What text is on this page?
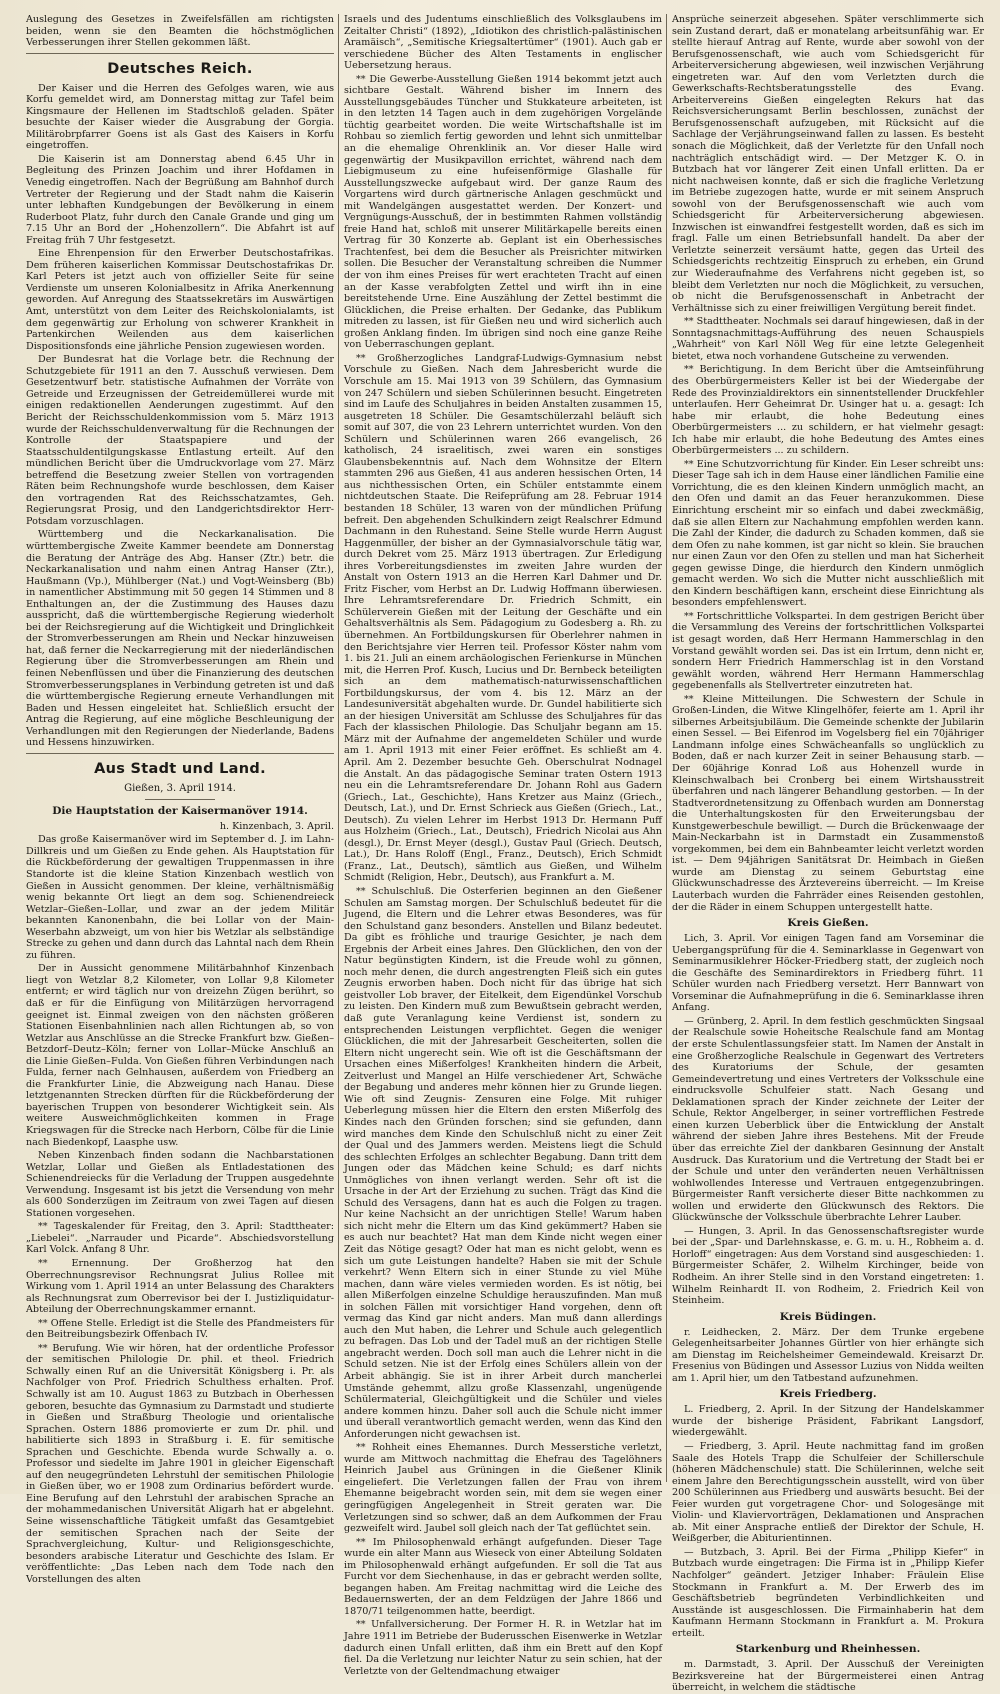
Auslegung des Gesetzes in Zweifelsfällen am richtigsten beiden, wenn sie den Beamten die höchstmöglichen Verbesserungen ihrer Stellen gekommen läßt.

Deutsches Reich.

Der Kaiser und die Herren des Gefolges waren, wie aus Korfu gemeldet wird, am Donnerstag mittag zur Tafel beim Kingsmaure der Hellenen im Stadtschloß geladen. Später besuchte der Kaiser wieder die Ausgrabung der Gorgia. Militärobrpfarrer Goens ist als Gast des Kaisers in Korfu eingetroffen.

Die Kaiserin ist am Donnerstag abend 6.45 Uhr in Begleitung des Prinzen Joachim und ihrer Hofdamen in Venedig eingetroffen. Nach der Begrüßung am Bahnhof durch Vertreter der Regierung und der Stadt nahm die Kaiserin unter lebhaften Kundgebungen der Bevölkerung in einem Ruderboot Platz, fuhr durch den Canale Grande und ging um 7.15 Uhr an Bord der „Hohenzollern“. Die Abfahrt ist auf Freitag früh 7 Uhr festgesetzt.

Eine Ehrenpension für den Erwerber Deutschostafrikas. Dem früheren kaiserlichen Kommissar Deutschostafrikas Dr. Karl Peters ist jetzt auch von offizieller Seite für seine Verdienste um unseren Kolonialbesitz in Afrika Anerkennung geworden. Auf Anregung des Staatssekretärs im Auswärtigen Amt, unterstützt von dem Leiter des Reichskolonialamts, ist dem gegenwärtig zur Erholung von schwerer Krankheit in Partenkirchen Weilenden aus dem kaiserlichen Dispositionsfonds eine jährliche Pension zugewiesen worden.

Der Bundesrat hat die Vorlage betr. die Rechnung der Schutzgebiete für 1911 an den 7. Ausschuß verwiesen. Dem Gesetzentwurf betr. statistische Aufnahmen der Vorräte von Getreide und Erzeugnissen der Getreidemüllerei wurde mit einigen redaktionellen Aenderungen zugestimmt. Auf den Bericht der Reichsschuldenkommission vom 5. März 1913 wurde der Reichsschuldenverwaltung für die Rechnungen der Kontrolle der Staatspapiere und der Staatsschuldentilgungskasse Entlastung erteilt. Auf den mündlichen Bericht über die Umdruckvorlage vom 27. März betreffend die Besetzung zweier Stellen von vortragenden Räten beim Rechnungshofe wurde beschlossen, dem Kaiser den vortragenden Rat des Reichsschatzamtes, Geh. Regierungsrat Prosig, und den Landgerichtsdirektor Herr-Potsdam vorzuschlagen.

Württemberg und die Neckarkanalisation. Die württembergische Zweite Kammer beendete am Donnerstag die Beratung der Anträge des Abg. Hanser (Ztr.) betr. die Neckarkanalisation und nahm einen Antrag Hanser (Ztr.), Haußmann (Vp.), Mühlberger (Nat.) und Vogt-Weinsberg (Bb) in namentlicher Abstimmung mit 50 gegen 14 Stimmen und 8 Enthaltungen an, der die Zustimmung des Hauses dazu ausspricht, daß die württembergische Regierung wiederholt bei der Reichsregierung auf die Wichtigkeit und Dringlichkeit der Stromverbesserungen am Rhein und Neckar hinzuweisen hat, daß ferner die Neckarregierung mit der niederländischen Regierung über die Stromverbesserungen am Rhein und feinen Nebenflüssen und über die Finanzierung des deutschen Stromverbesserungsplanes in Verbindung getreten ist und daß die württembergische Regierung erneute Verhandlungen mit Baden und Hessen eingeleitet hat. Schließlich ersucht der Antrag die Regierung, auf eine mögliche Beschleunigung der Verhandlungen mit den Regierungen der Niederlande, Badens und Hessens hinzuwirken.

Aus Stadt und Land.
Gießen, 3. April 1914.
Die Hauptstation der Kaisermanöver 1914.
h. Kinzenbach, 3. April.

Das große Kaisermanöver wird im September d. J. im Lahn-Dillkreis und um Gießen zu Ende gehen. Als Hauptstation für die Rückbeförderung der gewaltigen Truppenmassen in ihre Standorte ist die kleine Station Kinzenbach westlich von Gießen in Aussicht genommen. Der kleine, verhältnismäßig wenig bekannte Ort liegt an dem sog. Schienendreieck Wetzlar–Gießen–Lollar, und zwar an der jedem Militär bekannten Kanonenbahn, die bei Lollar von der Main-Weserbahn abzweigt, um von hier bis Wetzlar als selbständige Strecke zu gehen und dann durch das Lahntal nach dem Rhein zu führen.

Der in Aussicht genommene Militärbahnhof Kinzenbach liegt von Wetzlar 8,2 Kilometer, von Lollar 9,8 Kilometer entfernt; er wird täglich nur von dreizehn Zügen berührt, so daß er für die Einfügung von Militärzügen hervorragend geeignet ist. Einmal zweigen von den nächsten größeren Stationen Eisenbahnlinien nach allen Richtungen ab, so von Wetzlar aus Anschlüsse an die Strecke Frankfurt bzw. Gießen–Betzdorf–Deutz–Köln; ferner von Lollar–Mücke Anschluß an die Linie Gießen–Fulda. Von Gießen führen Verbindungen nach Fulda, ferner nach Gelnhausen, außerdem von Friedberg an die Frankfurter Linie, die Abzweigung nach Hanau. Diese letztgenannten Strecken dürften für die Rückbeförderung der bayerischen Truppen von besonderer Wichtigkeit sein. Als weitere Ausweichmöglichkeiten kommen in Frage Kriegswagen für die Strecke nach Herborn, Cölbe für die Linie nach Biedenkopf, Laasphe usw.

Neben Kinzenbach finden sodann die Nachbarstationen Wetzlar, Lollar und Gießen als Entladestationen des Schienendreiecks für die Verladung der Truppen ausgedehnte Verwendung. Insgesamt ist bis jetzt die Versendung von mehr als 600 Sonderzügen im Zeitraum von zwei Tagen auf diesen Stationen vorgesehen.

** Tageskalender für Freitag, den 3. April: Stadttheater: „Liebelei“. „Narrauder und Picarde“. Abschiedsvorstellung Karl Volck. Anfang 8 Uhr.

** Ernennung. Der Großherzog hat den Oberrechnungsrevisor Rechnungsrat Julius Rollee mit Wirkung vom 1. April 1914 an unter Belassung des Charakters als Rechnungsrat zum Oberrevisor bei der I. Justizliquidatur-Abteilung der Oberrechnungskammer ernannt.

** Offene Stelle. Erledigt ist die Stelle des Pfandmeisters für den Beitreibungsbezirk Offenbach IV.

** Berufung. Wie wir hören, hat der ordentliche Professor der semitischen Philologie Dr. phil. et theol. Friedrich Schwally einen Ruf an die Universität Königsberg i. Pr. als Nachfolger von Prof. Friedrich Schulthess erhalten. Prof. Schwally ist am 10. August 1863 zu Butzbach in Oberhessen geboren, besuchte das Gymnasium zu Darmstadt und studierte in Gießen und Straßburg Theologie und orientalische Sprachen. Ostern 1886 promovierte er zum Dr. phil. und habilitierte sich 1893 in Straßburg i. E. für semitische Sprachen und Geschichte. Ebenda wurde Schwally a. o. Professor und siedelte im Jahre 1901 in gleicher Eigenschaft auf den neugegründeten Lehrstuhl der semitischen Philologie in Gießen über, wo er 1908 zum Ordinarius befördert wurde. Eine Berufung auf den Lehrstuhl der arabischen Sprache an der mohammedanischen Universität Aligarh hat er abgelehnt. Seine wissenschaftliche Tätigkeit umfaßt das Gesamtgebiet der semitischen Sprachen nach der Seite der Sprachvergleichung, Kultur- und Religionsgeschichte, besonders arabische Literatur und Geschichte des Islam. Er veröffentlichte: „Das Leben nach dem Tode nach den Vorstellungen des alten

Israels und des Judentums einschließlich des Volksglaubens im Zeitalter Christi“ (1892), „Idiotikon des christlich-palästinischen Aramäisch“, „Semitische Kriegsaltertümer“ (1901). Auch gab er verschiedene Bücher des Alten Testaments in englischer Uebersetzung heraus.

** Die Gewerbe-Ausstellung Gießen 1914 bekommt jetzt auch sichtbare Gestalt. Während bisher im Innern des Ausstellungsgebäudes Tüncher und Stukkateure arbeiteten, ist in den letzten 14 Tagen auch in dem zugehörigen Vorgelände tüchtig gearbeitet worden. Die weite Wirtschaftshalle ist im Rohbau so ziemlich fertig geworden und lehnt sich unmittelbar an die ehemalige Ohrenklinik an. Vor dieser Halle wird gegenwärtig der Musikpavillon errichtet, während nach dem Liebigmuseum zu eine hufeisenförmige Glashalle für Ausstellungszwecke aufgebaut wird. Der ganze Raum des Vorgartens wird durch gärtnerische Anlagen geschmückt und mit Wandelgängen ausgestattet werden. Der Konzert- und Vergnügungs-Ausschuß, der in bestimmten Rahmen vollständig freie Hand hat, schloß mit unserer Militärkapelle bereits einen Vertrag für 30 Konzerte ab. Geplant ist ein Oberhessisches Trachtenfest, bei dem die Besucher als Preisrichter mitwirken sollen. Die Besucher der Veranstaltung schreiben die Nummer der von ihm eines Preises für wert erachteten Tracht auf einen an der Kasse verabfolgten Zettel und wirft ihn in eine bereitstehende Urne. Eine Auszählung der Zettel bestimmt die Glücklichen, die Preise erhalten. Der Gedanke, das Publikum mitreden zu lassen, ist für Gießen neu und wird sicherlich auch großen Anklang finden. Im übrigen sind noch eine ganze Reihe von Ueberraschungen geplant.

** Großherzogliches Landgraf-Ludwigs-Gymnasium nebst Vorschule zu Gießen. Nach dem Jahresbericht wurde die Vorschule am 15. Mai 1913 von 39 Schülern, das Gymnasium von 247 Schülern und sieben Schülerinnen besucht. Eingetreten sind im Laufe des Schuljahres in beiden Anstalten zusammen 15, ausgetreten 18 Schüler. Die Gesamtschülerzahl beläuft sich somit auf 307, die von 23 Lehrern unterrichtet wurden. Von den Schülern und Schülerinnen waren 266 evangelisch, 26 katholisch, 24 israelitisch, zwei waren ein sonstiges Glaubensbekenntnis auf. Nach dem Wohnsitze der Eltern stammten 296 aus Gießen, 41 aus anderen hessischen Orten, 14 aus nichthessischen Orten, ein Schüler entstammte einem nichtdeutschen Staate. Die Reifeprüfung am 28. Februar 1914 bestanden 18 Schüler, 13 waren von der mündlichen Prüfung befreit. Den abgehenden Schulkindern zeigt Realschrer Edmund Dachmann in den Ruhestand. Seine Stelle wurde Herrn August Haggenmüller, der bisher an der Gymnasialvorschule tätig war, durch Dekret vom 25. März 1913 übertragen. Zur Erledigung ihres Vorbereitungsdienstes im zweiten Jahre wurden der Anstalt von Ostern 1913 an die Herren Karl Dahmer und Dr. Fritz Fischer, vom Herbst an Dr. Ludwig Hoffmann überwiesen. Ihre Lehramtsreferendare Dr. Friedrich Schmitt, ein Schülerverein Gießen mit der Leitung der Geschäfte und ein Gehaltsverhältnis als Sem. Pädagogium zu Godesberg a. Rh. zu übernehmen. An Fortbildungskursen für Oberlehrer nahmen in den Berichtsjahre vier Herren teil. Professor Köster nahm vom 1. bis 21. Juli an einem archäologischen Ferienkurse in München mit, die Herren Prof. Kusch, Lucius und Dr. Bernbeck beteiligten sich an dem mathematisch-naturwissenschaftlichen Fortbildungskursus, der vom 4. bis 12. März an der Landesuniversität abgehalten wurde. Dr. Gundel habilitierte sich an der hiesigen Universität am Schlusse des Schuljahres für das Fach der klassischen Philologie. Das Schuljahr begann am 15. März mit der Aufnahme der angemeldeten Schüler und wurde am 1. April 1913 mit einer Feier eröffnet. Es schließt am 4. April. Am 2. Dezember besuchte Geh. Oberschulrat Nodnagel die Anstalt. An das pädagogische Seminar traten Ostern 1913 neu ein die Lehramtsreferendare Dr. Johann Rohl aus Gadern (Griech., Lat., Geschichte), Hans Kretzer aus Mainz (Griech., Deutsch, Lat.), und Dr. Ernst Schrieck aus Gießen (Griech., Lat., Deutsch). Zu vielen Lehrer im Herbst 1913 Dr. Hermann Puff aus Holzheim (Griech., Lat., Deutsch), Friedrich Nicolai aus Ahn (desgl.), Dr. Ernst Meyer (desgl.), Gustav Paul (Griech. Deutsch, Lat.), Dr. Hans Roloff (Engl., Franz., Deutsch), Erich Schmidt (Franz., Lat., Deutsch), sämtlich aus Gießen, und Wilhelm Schmidt (Religion, Hebr., Deutsch), aus Frankfurt a. M.

** Schulschluß. Die Osterferien beginnen an den Gießener Schulen am Samstag morgen. Der Schulschluß bedeutet für die Jugend, die Eltern und die Lehrer etwas Besonderes, was für den Schulstand ganz besonders. Anstellen und Bilanz bedeutet. Da gibt es fröhliche und traurige Gesichter, je nach dem Ergebnis der Arbeit eines Jahres. Den Glücklichen, den von der Natur begünstigten Kindern, ist die Freude wohl zu gönnen, noch mehr denen, die durch angestrengten Fleiß sich ein gutes Zeugnis erworben haben. Doch nicht für das übrige hat sich geistvoller Lob braver, der Eitelkeit, dem Eigendünkel Vorschub zu leisten. Den Kindern muß zum Bewußtsein gebracht werden, daß gute Veranlagung keine Verdienst ist, sondern zu entsprechenden Leistungen verpflichtet. Gegen die weniger Glücklichen, die mit der Jahresarbeit Gescheiterten, sollen die Eltern nicht ungerecht sein. Wie oft ist die Geschäftsmann der Ursachen eines Mißerfolges! Krankheiten hindern die Arbeit, Zeitverlust und Mangel an Hilfe verschiedener Art, Schwäche der Begabung und anderes mehr können hier zu Grunde liegen. Wie oft sind Zeugnis- Zensuren eine Folge. Mit ruhiger Ueberlegung müssen hier die Eltern den ersten Mißerfolg des Kindes nach den Gründen forschen; sind sie gefunden, dann wird manches dem Kinde den Schulschluß nicht zu einer Zeit der Qual und des Jammers werden. Meistens liegt die Schuld des schlechten Erfolges an schlechter Begabung. Dann tritt dem Jungen oder das Mädchen keine Schuld; es darf nichts Unmögliches von ihnen verlangt werden. Sehr oft ist die Ursache in der Art der Erziehung zu suchen. Trägt das Kind die Schuld des Versagens, dann hat es auch die Folgen zu tragen. Nur keine Nachsicht an der unrichtigen Stelle! Warum haben sich nicht mehr die Eltern um das Kind gekümmert? Haben sie es auch nur beachtet? Hat man dem Kinde nicht wegen einer Zeit das Nötige gesagt? Oder hat man es nicht gelobt, wenn es sich um gute Leistungen handelte? Haben sie mit der Schule verkehrt? Wenn Eltern sich in einer Stunde zu viel Mühe machen, dann wäre vieles vermieden worden. Es ist nötig, bei allen Mißerfolgen einzelne Schuldige herauszufinden. Man muß in solchen Fällen mit vorsichtiger Hand vorgehen, denn oft vermag das Kind gar nicht anders. Man muß dann allerdings auch den Mut haben, die Lehrer und Schule auch gelegentlich zu befragen. Das Lob und der Tadel muß an der richtigen Stelle angebracht werden. Doch soll man auch die Lehrer nicht in die Schuld setzen. Nie ist der Erfolg eines Schülers allein von der Arbeit abhängig. Sie ist in ihrer Arbeit durch mancherlei Umstände gehemmt, allzu große Klassenzahl, ungenügende Schülermaterial, Gleichgültigkeit und die Schüler und vieles andere kommen hinzu. Daher soll auch die Schule nicht immer und überall verantwortlich gemacht werden, wenn das Kind den Anforderungen nicht gewachsen ist.

** Rohheit eines Ehemannes. Durch Messerstiche verletzt, wurde am Mittwoch nachmittag die Ehefrau des Tagelöhners Heinrich Jaubel aus Grüningen in die Gießener Klinik eingeliefert. Die Verletzungen fallen der Frau von ihrem Ehemanne beigebracht worden sein, mit dem sie wegen einer geringfügigen Angelegenheit in Streit geraten war. Die Verletzungen sind so schwer, daß an dem Aufkommen der Frau gezweifelt wird. Jaubel soll gleich nach der Tat geflüchtet sein.

** Im Philosophenwald erhängt aufgefunden. Dieser Tage wurde ein alter Mann aus Wieseck von einer Abteilung Soldaten im Philosophenwald erhängt aufgefunden. Er soll die Tat aus Furcht vor dem Siechenhause, in das er gebracht werden sollte, begangen haben. Am Freitag nachmittag wird die Leiche des Bedauernswerten, der an dem Feldzügen der Jahre 1866 und 1870/71 teilgenommen hatte, beerdigt.

** Unfallversicherung. Der Former H. R. in Wetzlar hat im Jahre 1911 im Betriebe der Buderusschen Eisenwerke in Wetzlar dadurch einen Unfall erlitten, daß ihm ein Brett auf den Kopf fiel. Da die Verletzung nur leichter Natur zu sein schien, hat der Verletzte von der Geltendmachung etwaiger

Ansprüche seinerzeit abgesehen. Später verschlimmerte sich sein Zustand derart, daß er monatelang arbeitsunfähig war. Er stellte hierauf Antrag auf Rente, wurde aber sowohl von der Berufsgenossenschaft, wie auch vom Schiedsgericht für Arbeiterversicherung abgewiesen, weil inzwischen Verjährung eingetreten war. Auf den vom Verletzten durch die Gewerkschafts-Rechtsberatungsstelle des Evang. Arbeitervereins Gießen eingelegten Rekurs hat das Reichsversicherungsamt Berlin beschlossen, zunächst der Berufsgenossenschaft aufzugeben, mit Rücksicht auf die Sachlage der Verjährungseinwand fallen zu lassen. Es besteht sonach die Möglichkeit, daß der Verletzte für den Unfall noch nachträglich entschädigt wird. — Der Metzger K. O. in Butzbach hat vor längerer Zeit einen Unfall erlitten. Da er nicht nachweisen konnte, daß er sich die fragliche Verletzung im Betriebe zugezogen hatte, wurde er mit seinem Anspruch sowohl von der Berufsgenossenschaft wie auch vom Schiedsgericht für Arbeiterversicherung abgewiesen. Inzwischen ist einwandfrei festgestellt worden, daß es sich im fragl. Falle um einen Betriebsunfall handelt. Da aber der Verletzte seinerzeit versäumt hatte, gegen das Urteil des Schiedsgerichts rechtzeitig Einspruch zu erheben, ein Grund zur Wiederaufnahme des Verfahrens nicht gegeben ist, so bleibt dem Verletzten nur noch die Möglichkeit, zu versuchen, ob nicht die Berufsgenossenschaft in Anbetracht der Verhältnisse sich zu einer freiwilligen Vergütung bereit findet.

** Stadttheater. Nochmals sei darauf hingewiesen, daß in der Sonntagsnachmittags-Aufführung des neuen Schauspiels „Wahrheit“ von Karl Nöll Weg für eine letzte Gelegenheit bietet, etwa noch vorhandene Gutscheine zu verwenden.

** Berichtigung. In dem Bericht über die Amtseinführung des Oberbürgermeisters Keller ist bei der Wiedergabe der Rede des Provinzialdirektors ein sinnentstellender Druckfehler unterlaufen. Herr Geheimrat Dr. Usinger hat u. a. gesagt: Ich habe mir erlaubt, die hohe Bedeutung eines Oberbürgermeisters ... zu schildern, er hat vielmehr gesagt: Ich habe mir erlaubt, die hohe Bedeutung des Amtes eines Oberbürgermeisters ... zu schildern.

** Eine Schutzvorrichtung für Kinder. Ein Leser schreibt uns: Dieser Tage sah ich in dem Hause einer ländlichen Familie eine Vorrichtung, die es den kleinen Kindern unmöglich macht, an den Ofen und damit an das Feuer heranzukommen. Diese Einrichtung erscheint mir so einfach und dabei zweckmäßig, daß sie allen Eltern zur Nachahmung empfohlen werden kann. Die Zahl der Kinder, die dadurch zu Schaden kommen, daß sie dem Ofen zu nahe kommen, ist gar nicht so klein. Sie brauchen nur einen Zaun vor den Ofen zu stellen und man hat Sicherheit gegen gewisse Dinge, die hierdurch den Kindern unmöglich gemacht werden. Wo sich die Mutter nicht ausschließlich mit den Kindern beschäftigen kann, erscheint diese Einrichtung als besonders empfehlenswert.

** Fortschrittliche Volkspartei. In dem gestrigen Bericht über die Versammlung des Vereins der fortschrittlichen Volkspartei ist gesagt worden, daß Herr Hermann Hammerschlag in den Vorstand gewählt worden sei. Das ist ein Irrtum, denn nicht er, sondern Herr Friedrich Hammerschlag ist in den Vorstand gewählt worden, während Herr Hermann Hammerschlag gegebenenfalls als Stellvertreter einzutreten hat.

** Kleine Mitteilungen. Die Schwestern der Schule in Großen-Linden, die Witwe Klingelhöfer, feierte am 1. April ihr silbernes Arbeitsjubiläum. Die Gemeinde schenkte der Jubilarin einen Sessel. — Bei Eifenrod im Vogelsberg fiel ein 70jähriger Landmann infolge eines Schwächeanfalls so unglücklich zu Boden, daß er nach kurzer Zeit in seiner Behausung starb. — Der 60jährige Konrad Loß aus Hohenzell wurde in Kleinschwalbach bei Cronberg bei einem Wirtshausstreit überfahren und nach längerer Behandlung gestorben. — In der Stadtverordnetensitzung zu Offenbach wurden am Donnerstag die Unterhaltungskosten für den Erweiterungsbau der Kunstgewerbeschule bewilligt. — Durch die Brückenwaage der Main-Neckarbahn ist in Darmstadt ein Zusammenstoß vorgekommen, bei dem ein Bahnbeamter leicht verletzt worden ist. — Dem 94jährigen Sanitätsrat Dr. Heimbach in Gießen wurde am Dienstag zu seinem Geburtstag eine Glückwunschadresse des Ärztevereins überreicht. — Im Kreise Lauterbach wurden die Fahrräder eines Reisenden gestohlen, der die Räder in einem Schuppen untergestellt hatte.

Kreis Gießen.

Lich, 3. April. Vor einigen Tagen fand am Vorseminar die Uebergangsprüfung für die 4. Seminarklasse in Gegenwart von Seminarmusiklehrer Höcker-Friedberg statt, der zugleich noch die Geschäfte des Seminardirektors in Friedberg führt. 11 Schüler wurden nach Friedberg versetzt. Herr Bannwart von Vorseminar die Aufnahmeprüfung in die 6. Seminarklasse ihren Anfang.

— Grünberg, 2. April. In dem festlich geschmückten Singsaal der Realschule sowie Hoheitsche Realschule fand am Montag der erste Schulentlassungsfeier statt. Im Namen der Anstalt in eine Großherzogliche Realschule in Gegenwart des Vertreters des Kuratoriums der Schule, der gesamten Gemeindevertretung und eines Vertreters der Volksschule eine eindrucksvolle Schulfeier statt. Nach Gesang und Deklamationen sprach der Kinder zeichnete der Leiter der Schule, Rektor Angelberger, in seiner vortrefflichen Festrede einen kurzen Ueberblick über die Entwicklung der Anstalt während der sieben Jahre ihres Bestehens. Mit der Freude über das erreichte Ziel der dankbaren Gesinnung der Anstalt Ausdruck. Das Kuratorium und die Vertretung der Stadt bei er der Schule und unter den veränderten neuen Verhältnissen wohlwollendes Interesse und Vertrauen entgegenzubringen. Bürgermeister Ranft versicherte dieser Bitte nachkommen zu wollen und erwiderte den Glückwunsch des Rektors. Die Glückwünsche der Volksschule überbrachte Lehrer Lauber.

— Hungen, 3. April. In das Genossenschaftsregister wurde bei der „Spar- und Darlehnskasse, e. G. m. u. H., Robheim a. d. Horloff“ eingetragen: Aus dem Vorstand sind ausgeschieden: 1. Bürgermeister Schäfer, 2. Wilhelm Kirchinger, beide von Rodheim. An ihrer Stelle sind in den Vorstand eingetreten: 1. Wilhelm Reinhardt II. von Rodheim, 2. Friedrich Keil von Steinheim.

Kreis Büdingen.

r. Leidhecken, 2. März. Der dem Trunke ergebene Gelegenheitsarbeiter Johannes Gürtler von hier erhängte sich am Dienstag im Reichelsheimer Gemeindewald. Kreisarzt Dr. Fresenius von Büdingen und Assessor Luzius von Nidda weilten am 1. April hier, um den Tatbestand aufzunehmen.

Kreis Friedberg.

L. Friedberg, 2. April. In der Sitzung der Handelskammer wurde der bisherige Präsident, Fabrikant Langsdorf, wiedergewählt.

— Friedberg, 3. April. Heute nachmittag fand im großen Saale des Hotels Trapp die Schulfeier der Schillerschule (höheren Mädchenschule) statt. Die Schülerinnen, welche seit einem Jahre den Berechtigungsschein ausstellt, wird von über 200 Schülerinnen aus Friedberg und auswärts besucht. Bei der Feier wurden gut vorgetragene Chor- und Sologesänge mit Violin- und Klaviervorträgen, Deklamationen und Ansprachen ab. Mit einer Ansprache entließ der Direktor der Schule, H. Weißgerber, die Abiturientinnen.

— Butzbach, 3. April. Bei der Firma „Philipp Kiefer“ in Butzbach wurde eingetragen: Die Firma ist in „Philipp Kiefer Nachfolger“ geändert. Jetziger Inhaber: Fräulein Elise Stockmann in Frankfurt a. M. Der Erwerb des im Geschäftsbetrieb begründeten Verbindlichkeiten und Ausstände ist ausgeschlossen. Die Firmainhaberin hat dem Kaufmann Hermann Stockmann in Frankfurt a. M. Prokura erteilt.

Starkenburg und Rheinhessen.

m. Darmstadt, 3. April. Der Ausschuß der Vereinigten Bezirksvereine hat der Bürgermeisterei einen Antrag überreicht, in welchem die städtische
